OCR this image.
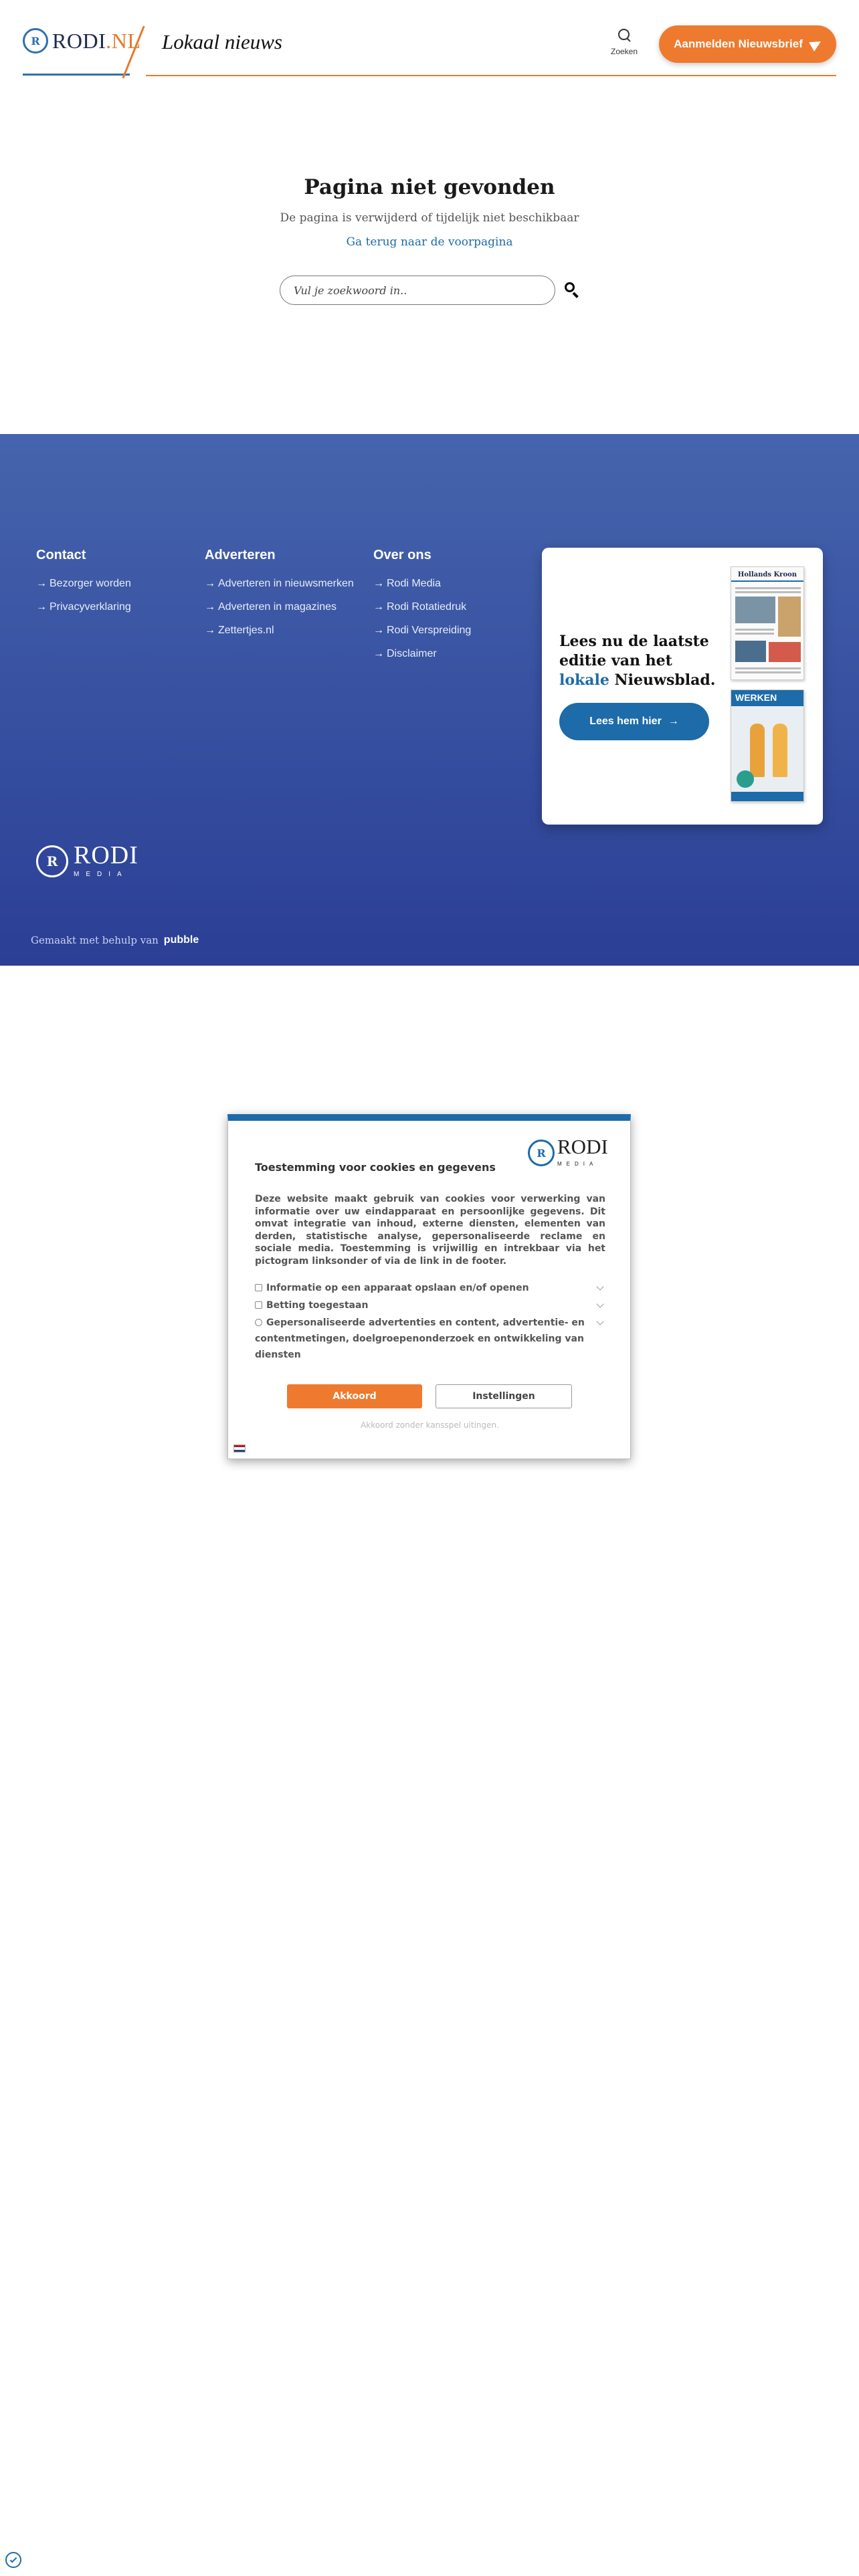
R RODI.NL Lokaal nieuws	Zoeken
Aanmelden Nieuwsbrief
Pagina niet gevonden

De pagina is verwijderd of tijdelijk niet beschikbaar

Ga terug naar de voorpagina
Vul je zoekwoord in..
Contact
→ Bezorger worden
→ Privacyverklaring
Adverteren
→ Adverteren in nieuwsmerken
→ Adverteren in magazines
→ Zettertjes.nl
Over ons
→ Rodi Media
→ Rodi Rotatiedruk
→ Rodi Verspreiding
→ Disclaimer
Lees nu de laatste editie van het lokale Nieuwsblad.
Lees hem hier →
Hollands Kroon
WERKEN
R RODI
MEDIA
Gemaakt met behulp van pubble
R RODI
MEDIA
Toestemming voor cookies en gegevens
Deze website maakt gebruik van cookies voor verwerking van informatie over uw eindapparaat en persoonlijke gegevens. Dit omvat integratie van inhoud, externe diensten, elementen van derden, statistische analyse, gepersonaliseerde reclame en sociale media. Toestemming is vrijwillig en intrekbaar via het pictogram linksonder of via de link in de footer.
Informatie op een apparaat opslaan en/of openen
Betting toegestaan
Gepersonaliseerde advertenties en content, advertentie- en contentmetingen, doelgroepenonderzoek en ontwikkeling van diensten
Akkoord	Instellingen
Akkoord zonder kansspel uitingen.
